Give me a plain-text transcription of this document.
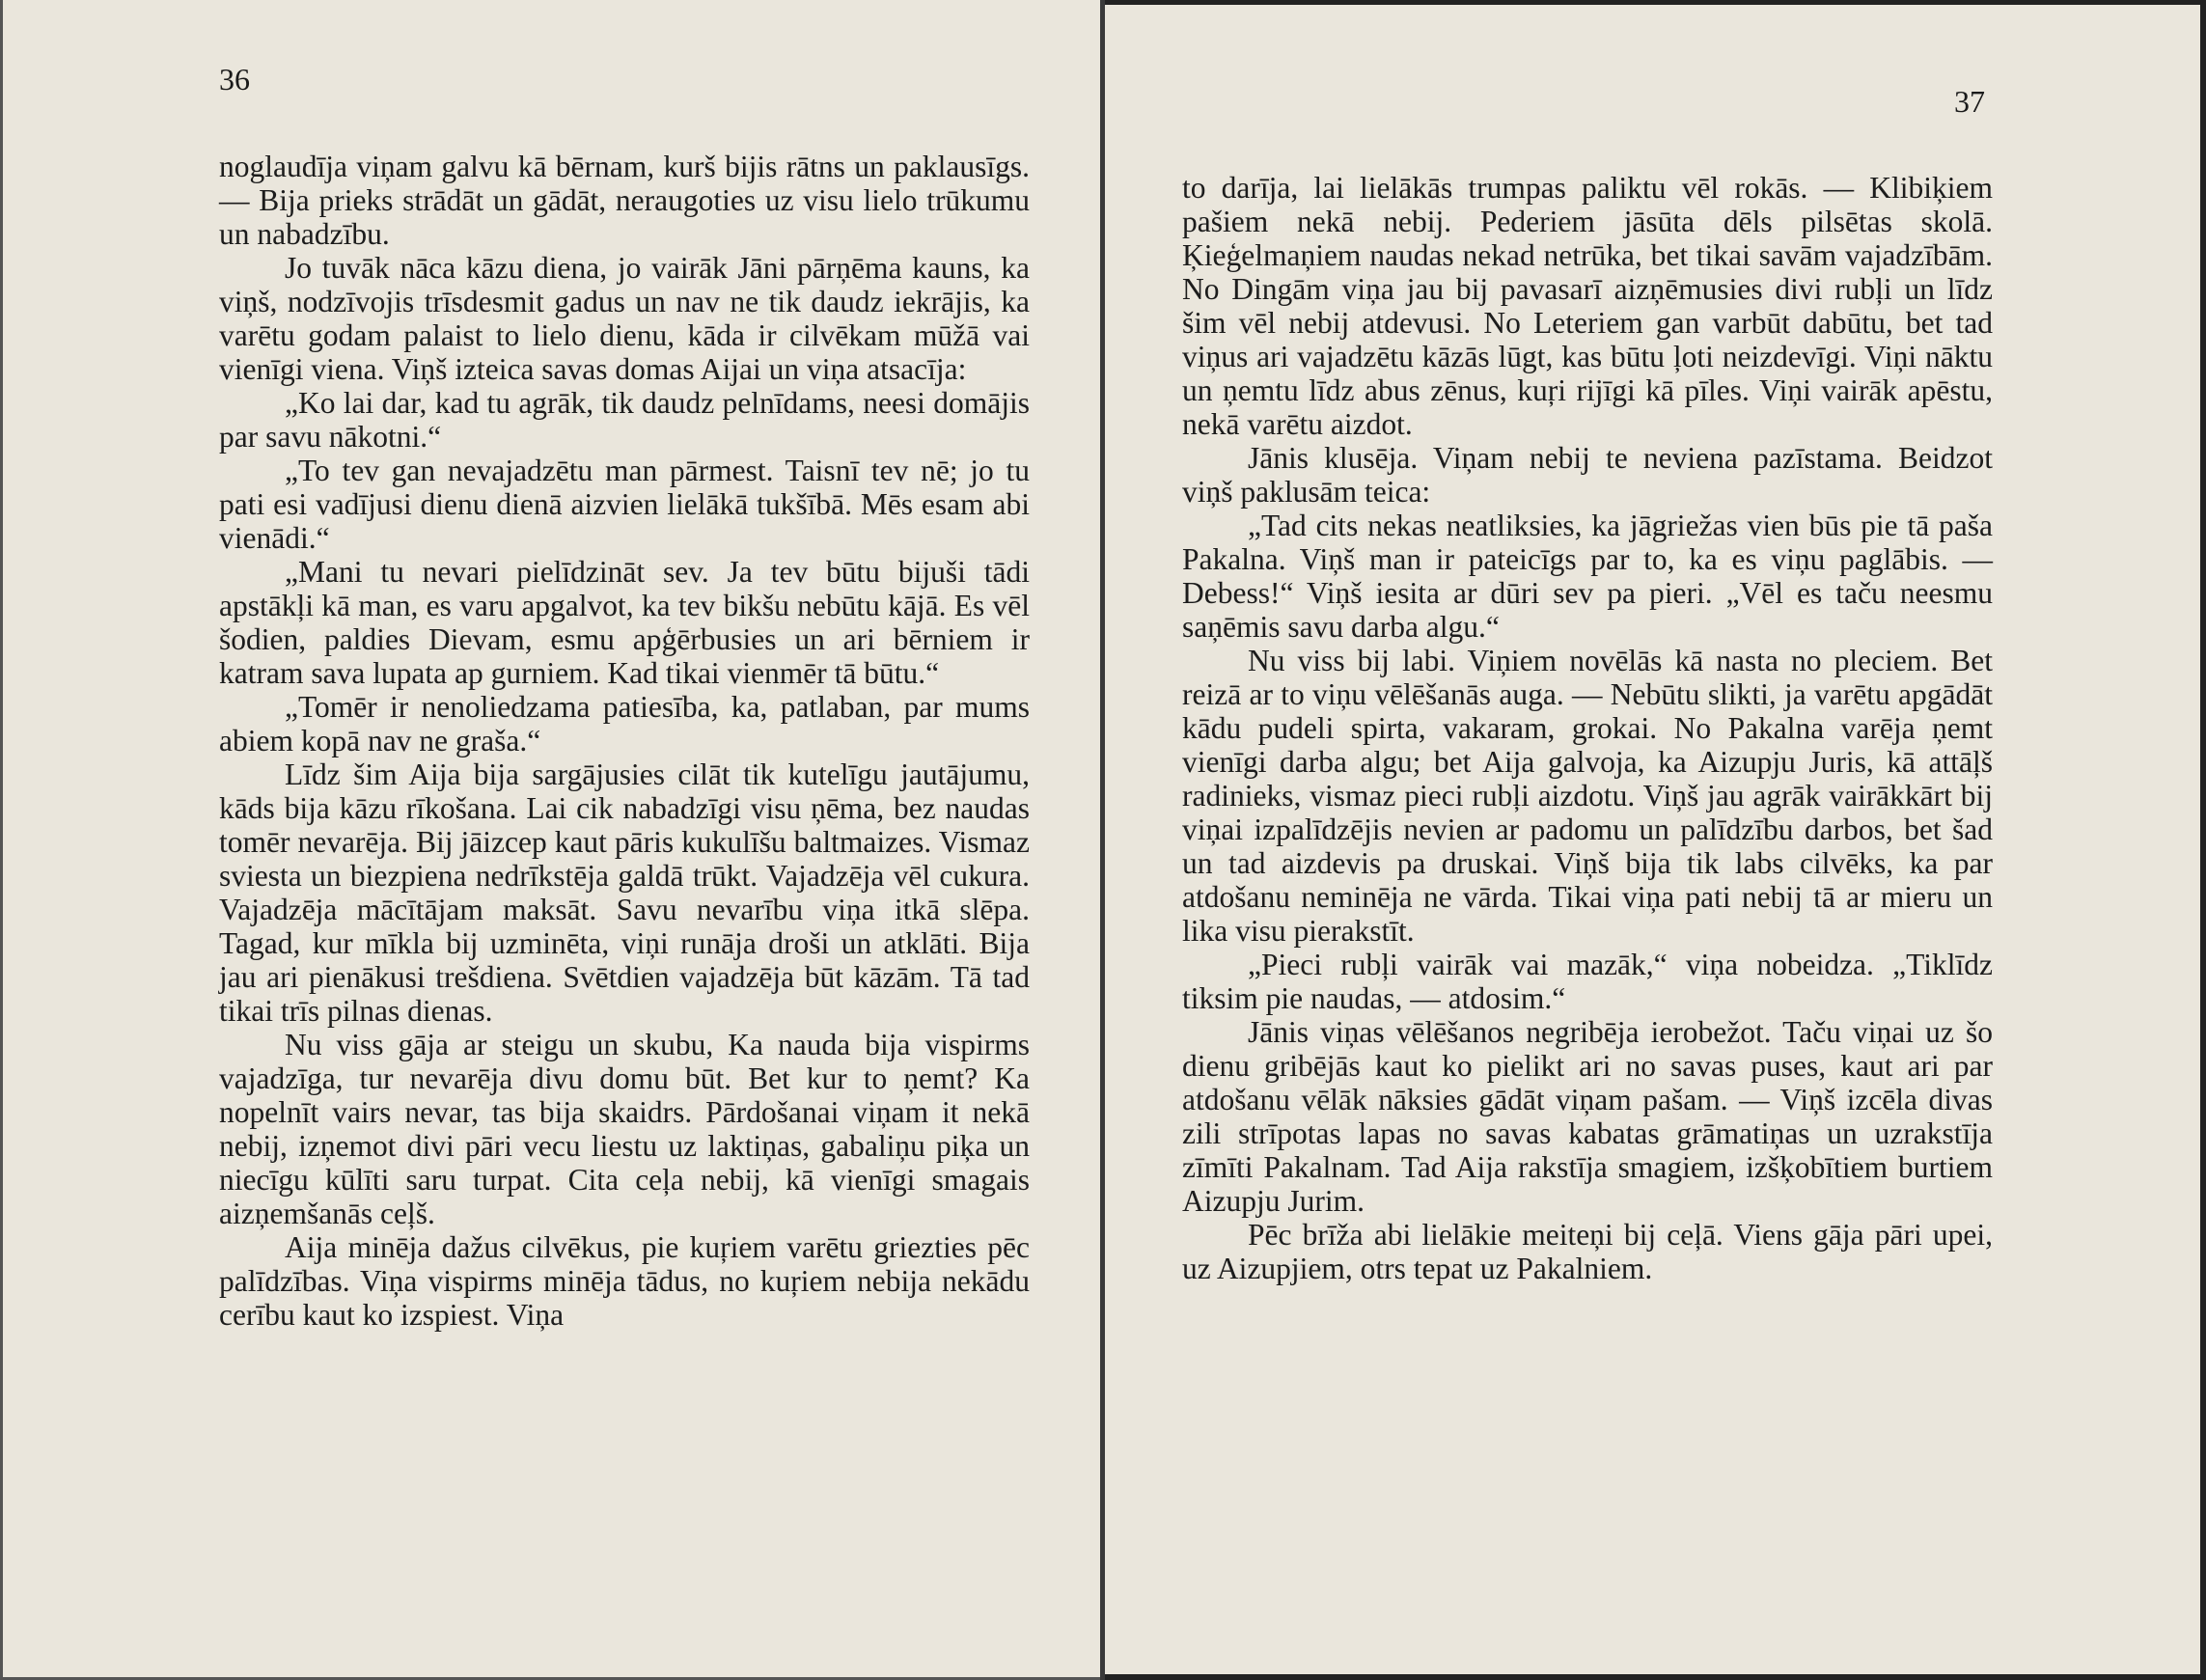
36

noglaudīja viņam galvu kā bērnam, kurš bijis rātns un paklausīgs. — Bija prieks strādāt un gādāt, neraugoties uz visu lielo trūkumu un nabadzību.

Jo tuvāk nāca kāzu diena, jo vairāk Jāni pārņēma kauns, ka viņš, nodzīvojis trīsdesmit gadus un nav ne tik daudz iekrājis, ka varētu godam palaist to lielo dienu, kāda ir cilvēkam mūžā vai vienīgi viena. Viņš izteica savas domas Aijai un viņa atsacīja:

„Ko lai dar, kad tu agrāk, tik daudz pelnīdams, neesi domājis par savu nākotni.“

„To tev gan nevajadzētu man pārmest. Taisnī tev nē; jo tu pati esi vadījusi dienu dienā aizvien lielākā tukšībā. Mēs esam abi vienādi.“

„Mani tu nevari pielīdzināt sev. Ja tev būtu bijuši tādi apstākļi kā man, es varu apgalvot, ka tev bikšu nebūtu kājā. Es vēl šodien, paldies Dievam, esmu apģērbusies un ari bērniem ir katram sava lupata ap gurniem. Kad tikai vienmēr tā būtu.“

„Tomēr ir nenoliedzama patiesība, ka, patlaban, par mums abiem kopā nav ne graša.“

Līdz šim Aija bija sargājusies cilāt tik kutelīgu jautājumu, kāds bija kāzu rīkošana. Lai cik nabadzīgi visu ņēma, bez naudas tomēr nevarēja. Bij jāizcep kaut pāris kukulīšu baltmaizes. Vismaz sviesta un biezpiena nedrīkstēja galdā trūkt. Vajadzēja vēl cukura. Vajadzēja mācītājam maksāt. Savu nevarību viņa itkā slēpa. Tagad, kur mīkla bij uzminēta, viņi runāja droši un atklāti. Bija jau ari pienākusi trešdiena. Svētdien vajadzēja būt kāzām. Tā tad tikai trīs pilnas dienas.

Nu viss gāja ar steigu un skubu, Ka nauda bija vispirms vajadzīga, tur nevarēja divu domu būt. Bet kur to ņemt? Ka nopelnīt vairs nevar, tas bija skaidrs. Pārdošanai viņam it nekā nebij, izņemot divi pāri vecu liestu uz laktiņas, gabaliņu piķa un niecīgu kūlīti saru turpat. Cita ceļa nebij, kā vienīgi smagais aizņemšanās ceļš.

Aija minēja dažus cilvēkus, pie kuŗiem varētu griezties pēc palīdzības. Viņa vispirms minēja tādus, no kuŗiem nebija nekādu cerību kaut ko izspiest. Viņa

37

to darīja, lai lielākās trumpas paliktu vēl rokās. — Klibiķiem pašiem nekā nebij. Pederiem jāsūta dēls pilsētas skolā. Ķieģelmaņiem naudas nekad netrūka, bet tikai savām vajadzībām. No Dingām viņa jau bij pavasarī aizņēmusies divi rubļi un līdz šim vēl nebij atdevusi. No Leteriem gan varbūt dabūtu, bet tad viņus ari vajadzētu kāzās lūgt, kas būtu ļoti neizdevīgi. Viņi nāktu un ņemtu līdz abus zēnus, kuŗi rijīgi kā pīles. Viņi vairāk apēstu, nekā varētu aizdot.

Jānis klusēja. Viņam nebij te neviena pazīstama. Beidzot viņš paklusām teica:

„Tad cits nekas neatliksies, ka jāgriežas vien būs pie tā paša Pakalna. Viņš man ir pateicīgs par to, ka es viņu paglābis. — Debess!“ Viņš iesita ar dūri sev pa pieri. „Vēl es taču neesmu saņēmis savu darba algu.“

Nu viss bij labi. Viņiem novēlās kā nasta no pleciem. Bet reizā ar to viņu vēlēšanās auga. — Nebūtu slikti, ja varētu apgādāt kādu pudeli spirta, vakaram, grokai. No Pakalna varēja ņemt vienīgi darba algu; bet Aija galvoja, ka Aizupju Juris, kā attāļš radinieks, vismaz pieci rubļi aizdotu. Viņš jau agrāk vairākkārt bij viņai izpalīdzējis nevien ar padomu un palīdzību darbos, bet šad un tad aizdevis pa druskai. Viņš bija tik labs cilvēks, ka par atdošanu neminēja ne vārda. Tikai viņa pati nebij tā ar mieru un lika visu pierakstīt.

„Pieci rubļi vairāk vai mazāk,“ viņa nobeidza. „Tiklīdz tiksim pie naudas, — atdosim.“

Jānis viņas vēlēšanos negribēja ierobežot. Taču viņai uz šo dienu gribējās kaut ko pielikt ari no savas puses, kaut ari par atdošanu vēlāk nāksies gādāt viņam pašam. — Viņš izcēla divas zili strīpotas lapas no savas kabatas grāmatiņas un uzrakstīja zīmīti Pakalnam. Tad Aija rakstīja smagiem, izšķobītiem burtiem Aizupju Jurim.

Pēc brīža abi lielākie meiteņi bij ceļā. Viens gāja pāri upei, uz Aizupjiem, otrs tepat uz Pakalniem.
